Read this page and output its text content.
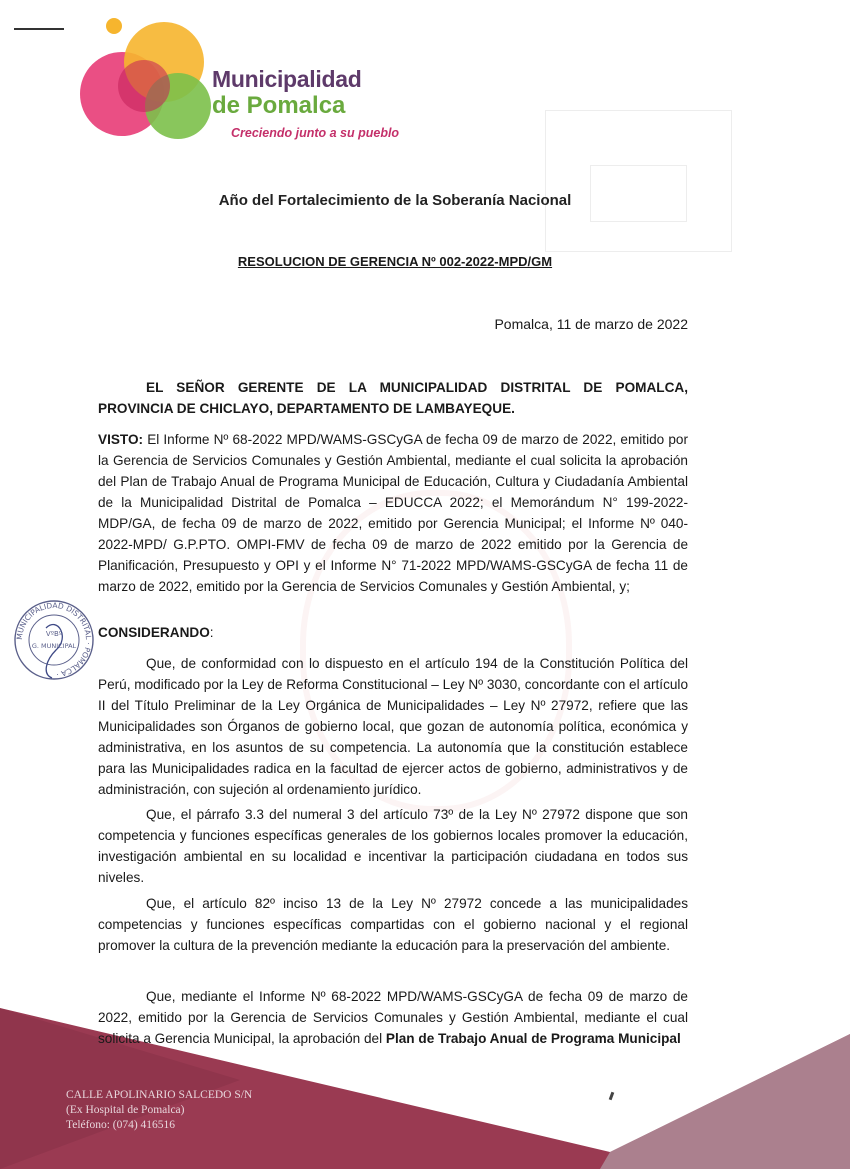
Municipalidad
de Pomalca
Creciendo junto a su pueblo
Año del Fortalecimiento de la Soberanía Nacional
RESOLUCION DE GERENCIA Nº 002-2022-MPD/GM
Pomalca, 11 de marzo de 2022

EL SEÑOR GERENTE DE LA MUNICIPALIDAD DISTRITAL DE POMALCA, PROVINCIA DE CHICLAYO, DEPARTAMENTO DE LAMBAYEQUE.

VISTO: El Informe Nº 68-2022 MPD/WAMS-GSCyGA de fecha 09 de marzo de 2022, emitido por la Gerencia de Servicios Comunales y Gestión Ambiental, mediante el cual solicita la aprobación del Plan de Trabajo Anual de Programa Municipal de Educación, Cultura y Ciudadanía Ambiental de la Municipalidad Distrital de Pomalca – EDUCCA 2022; el Memorándum N° 199-2022-MDP/GA, de fecha 09 de marzo de 2022, emitido por Gerencia Municipal; el Informe Nº 040-2022-MPD/ G.P.PTO. OMPI-FMV de fecha 09 de marzo de 2022 emitido por la Gerencia de Planificación, Presupuesto y OPI y el Informe N° 71-2022 MPD/WAMS-GSCyGA de fecha 11 de marzo de 2022, emitido por la Gerencia de Servicios Comunales y Gestión Ambiental, y;

CONSIDERANDO:

Que, de conformidad con lo dispuesto en el artículo 194 de la Constitución Política del Perú, modificado por la Ley de Reforma Constitucional – Ley Nº 3030, concordante con el artículo II del Título Preliminar de la Ley Orgánica de Municipalidades – Ley Nº 27972, refiere que las Municipalidades son Órganos de gobierno local, que gozan de autonomía política, económica y administrativa, en los asuntos de su competencia. La autonomía que la constitución establece para las Municipalidades radica en la facultad de ejercer actos de gobierno, administrativos y de administración, con sujeción al ordenamiento jurídico.

Que, el párrafo 3.3 del numeral 3 del artículo 73º de la Ley Nº 27972 dispone que son competencia y funciones específicas generales de los gobiernos locales promover la educación, investigación ambiental en su localidad e incentivar la participación ciudadana en todos sus niveles.

Que, el artículo 82º inciso 13 de la Ley Nº 27972 concede a las municipalidades competencias y funciones específicas compartidas con el gobierno nacional y el regional promover la cultura de la prevención mediante la educación para la preservación del ambiente.

Que, mediante el Informe Nº 68-2022 MPD/WAMS-GSCyGA de fecha 09 de marzo de 2022, emitido por la Gerencia de Servicios Comunales y Gestión Ambiental, mediante el cual solicita a Gerencia Municipal, la aprobación del Plan de Trabajo Anual de Programa Municipal

CALLE APOLINARIO SALCEDO S/N
(Ex Hospital de Pomalca)
Teléfono: (074) 416516
MUNICIPALIDAD DISTRITAL · POMALCA ·
VºBº
G. MUNICIPAL
